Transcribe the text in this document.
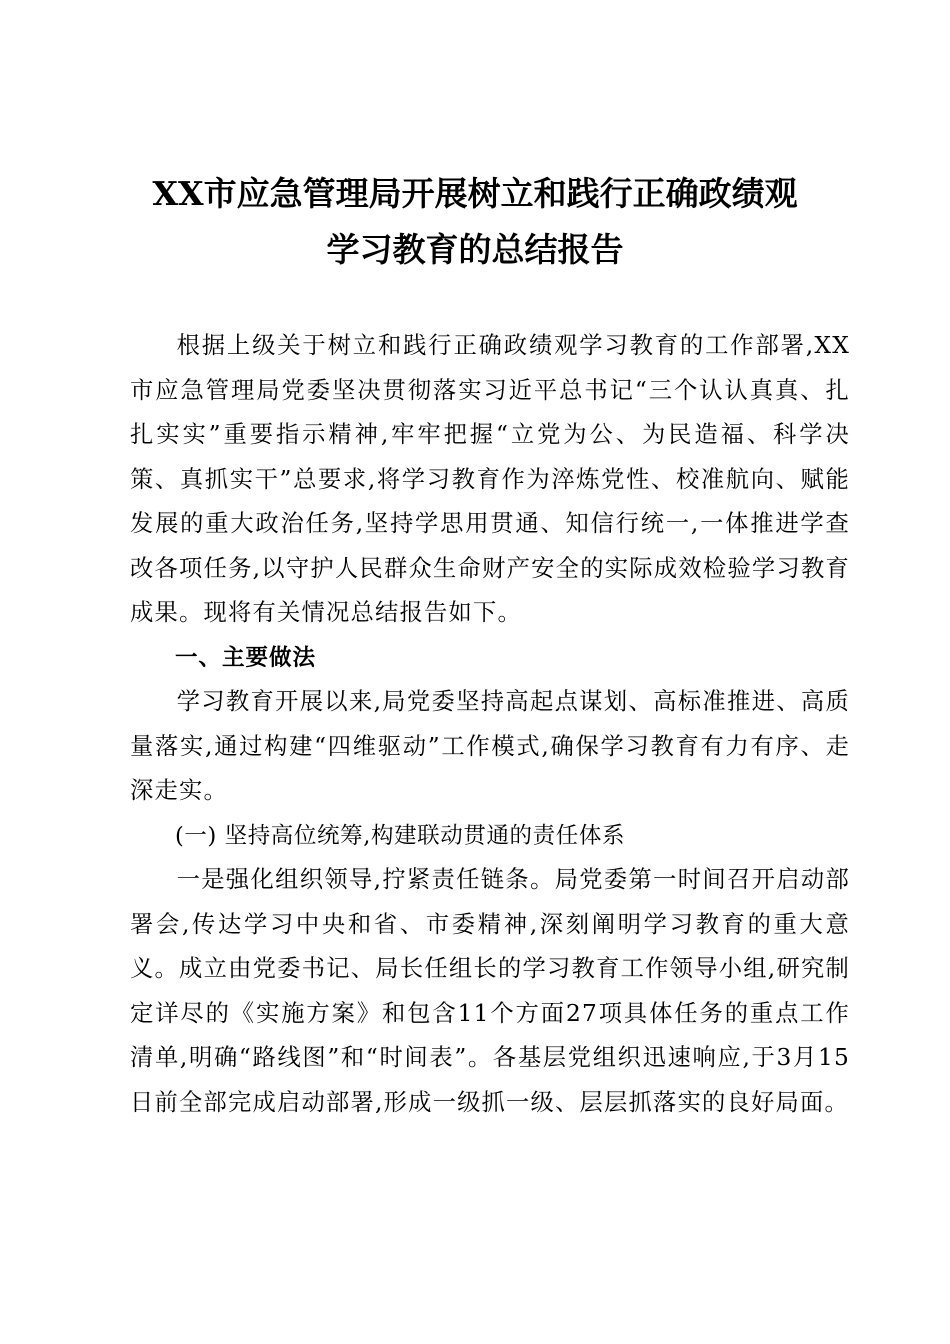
XX市应急管理局开展树立和践行正确政绩观
学习教育的总结报告

根据上级关于树立和践行正确政绩观学习教育的工作部署,XX市应急管理局党委坚决贯彻落实习近平总书记“三个认认真真、扎扎实实”重要指示精神,牢牢把握“立党为公、为民造福、科学决策、真抓实干”总要求,将学习教育作为淬炼党性、校准航向、赋能发展的重大政治任务,坚持学思用贯通、知信行统一,一体推进学查改各项任务,以守护人民群众生命财产安全的实际成效检验学习教育成果。现将有关情况总结报告如下。

一、主要做法

学习教育开展以来,局党委坚持高起点谋划、高标准推进、高质量落实,通过构建“四维驱动”工作模式,确保学习教育有力有序、走深走实。

(一) 坚持高位统筹,构建联动贯通的责任体系

一是强化组织领导,拧紧责任链条。局党委第一时间召开启动部署会,传达学习中央和省、市委精神,深刻阐明学习教育的重大意义。成立由党委书记、局长任组长的学习教育工作领导小组,研究制定详尽的《实施方案》和包含11个方面27项具体任务的重点工作清单,明确“路线图”和“时间表”。各基层党组织迅速响应,于3月15日前全部完成启动部署,形成一级抓一级、层层抓落实的良好局面。
